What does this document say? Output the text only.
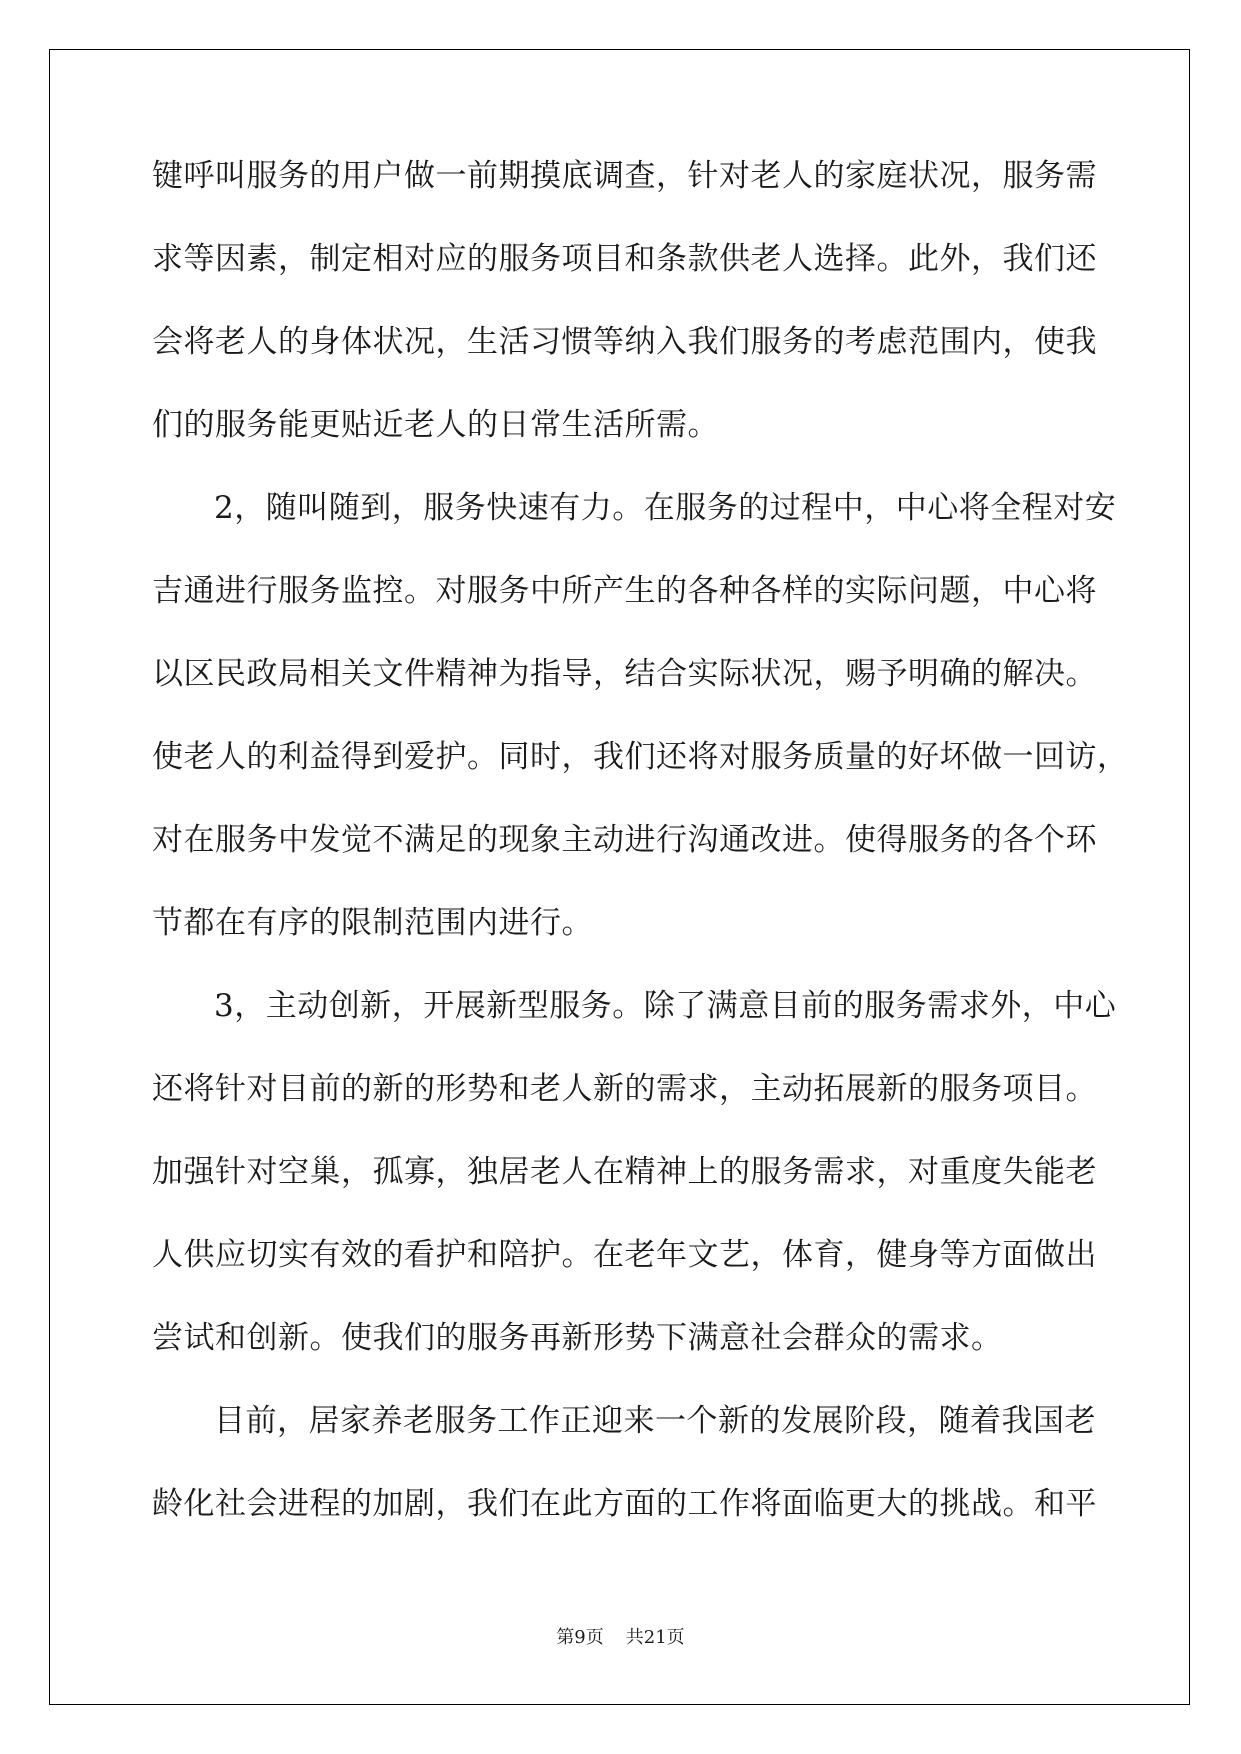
键呼叫服务的用户做一前期摸底调查，针对老人的家庭状况，服务需

求等因素，制定相对应的服务项目和条款供老人选择。此外，我们还

会将老人的身体状况，生活习惯等纳入我们服务的考虑范围内，使我

们的服务能更贴近老人的日常生活所需。

2，随叫随到，服务快速有力。在服务的过程中，中心将全程对安

吉通进行服务监控。对服务中所产生的各种各样的实际问题，中心将

以区民政局相关文件精神为指导，结合实际状况，赐予明确的解决。

使老人的利益得到爱护。同时，我们还将对服务质量的好坏做一回访，

对在服务中发觉不满足的现象主动进行沟通改进。使得服务的各个环

节都在有序的限制范围内进行。

3，主动创新，开展新型服务。除了满意目前的服务需求外，中心

还将针对目前的新的形势和老人新的需求，主动拓展新的服务项目。

加强针对空巢，孤寡，独居老人在精神上的服务需求，对重度失能老

人供应切实有效的看护和陪护。在老年文艺，体育，健身等方面做出

尝试和创新。使我们的服务再新形势下满意社会群众的需求。

目前，居家养老服务工作正迎来一个新的发展阶段，随着我国老

龄化社会进程的加剧，我们在此方面的工作将面临更大的挑战。和平

第9页 共21页
